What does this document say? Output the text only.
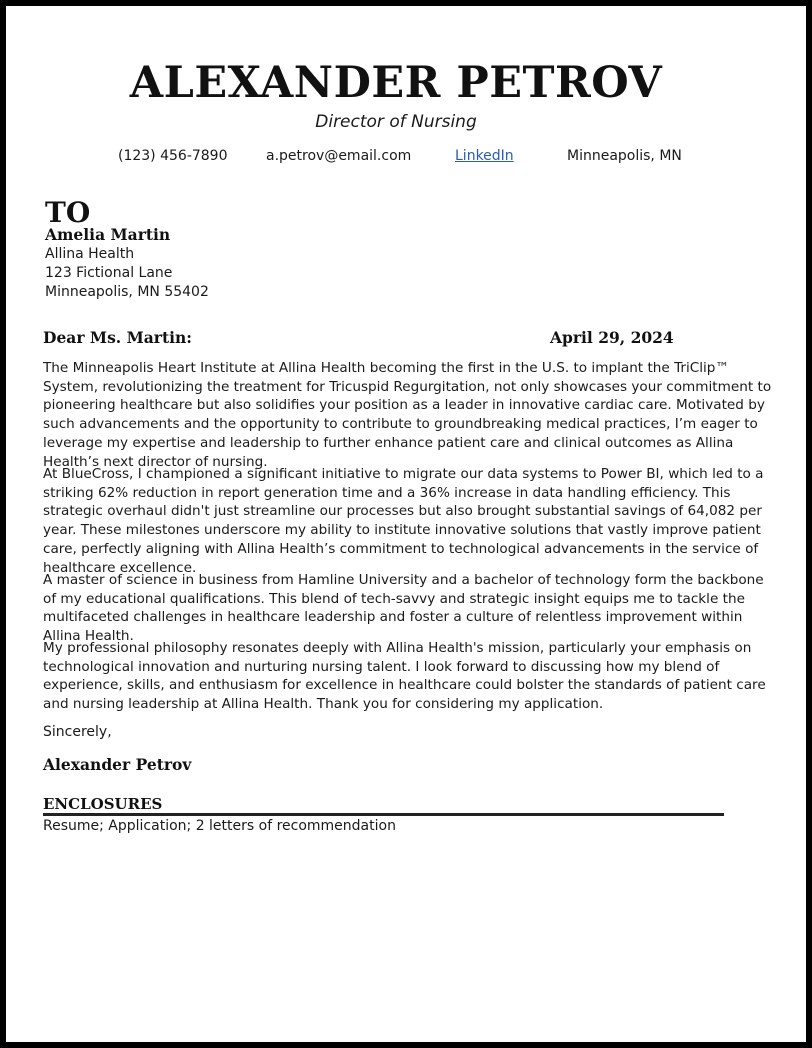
ALEXANDER PETROV
Director of Nursing
(123) 456-7890	a.petrov@email.com	LinkedIn	Minneapolis, MN
TO
Amelia Martin
Allina Health
123 Fictional Lane
Minneapolis, MN 55402
Dear Ms. Martin:	April 29, 2024

The Minneapolis Heart Institute at Allina Health becoming the first in the U.S. to implant the TriClip™ System, revolutionizing the treatment for Tricuspid Regurgitation, not only showcases your commitment to pioneering healthcare but also solidifies your position as a leader in innovative cardiac care. Motivated by such advancements and the opportunity to contribute to groundbreaking medical practices, I’m eager to leverage my expertise and leadership to further enhance patient care and clinical outcomes as Allina Health’s next director of nursing.

At BlueCross, I championed a significant initiative to migrate our data systems to Power BI, which led to a striking 62% reduction in report generation time and a 36% increase in data handling efficiency. This strategic overhaul didn't just streamline our processes but also brought substantial savings of 64,082 per year. These milestones underscore my ability to institute innovative solutions that vastly improve patient care, perfectly aligning with Allina Health’s commitment to technological advancements in the service of healthcare excellence.

A master of science in business from Hamline University and a bachelor of technology form the backbone of my educational qualifications. This blend of tech-savvy and strategic insight equips me to tackle the multifaceted challenges in healthcare leadership and foster a culture of relentless improvement within Allina Health.

My professional philosophy resonates deeply with Allina Health's mission, particularly your emphasis on technological innovation and nurturing nursing talent. I look forward to discussing how my blend of experience, skills, and enthusiasm for excellence in healthcare could bolster the standards of patient care and nursing leadership at Allina Health. Thank you for considering my application.

Sincerely,
Alexander Petrov
ENCLOSURES
Resume; Application; 2 letters of recommendation
